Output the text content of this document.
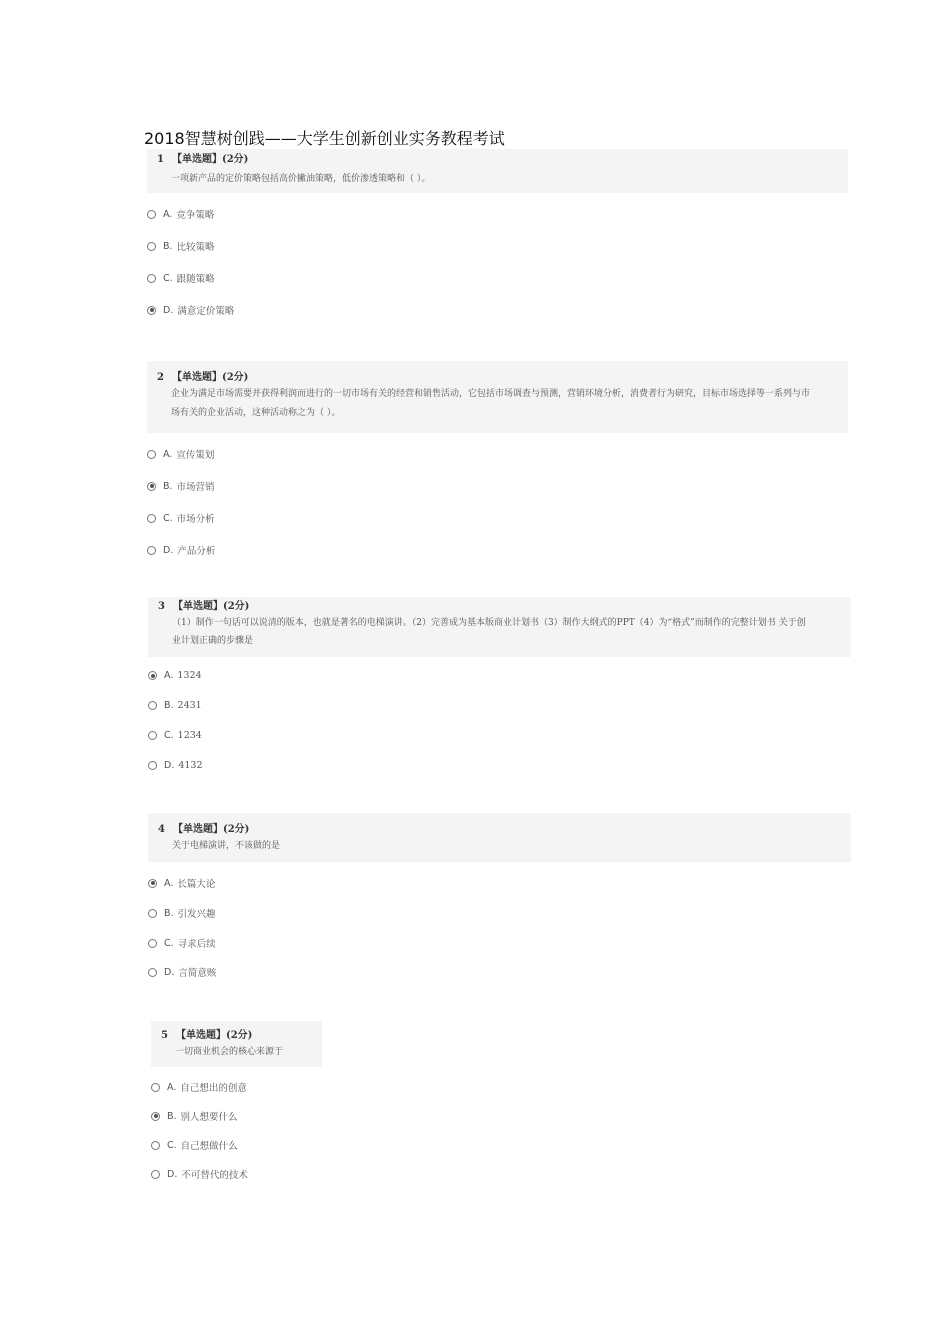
2018智慧树创践——大学生创新创业实务教程考试
1 【单选题】(2分)
一项新产品的定价策略包括高价撇油策略，低价渗透策略和（ ）。
A. 竞争策略
B. 比较策略
C. 跟随策略
D. 满意定价策略
2 【单选题】(2分)
企业为满足市场需要并获得利润而进行的一切市场有关的经营和销售活动，它包括市场调查与预测，营销环境分析，消费者行为研究，目标市场选择等一系列与市
场有关的企业活动，这种活动称之为（ ）。
A. 宣传策划
B. 市场营销
C. 市场分析
D. 产品分析
3 【单选题】(2分)
（1）制作一句话可以说清的版本，也就是著名的电梯演讲。（2）完善成为基本版商业计划书（3）制作大纲式的PPT（4）为“格式”而制作的完整计划书 关于创
业计划正确的步骤是
A. 1324
B. 2431
C. 1234
D. 4132
4 【单选题】(2分)
关于电梯演讲，不该做的是
A. 长篇大论
B. 引发兴趣
C. 寻求后续
D. 言简意赅
5 【单选题】(2分)
一切商业机会的核心来源于
A. 自己想出的创意
B. 别人想要什么
C. 自己想做什么
D. 不可替代的技术
